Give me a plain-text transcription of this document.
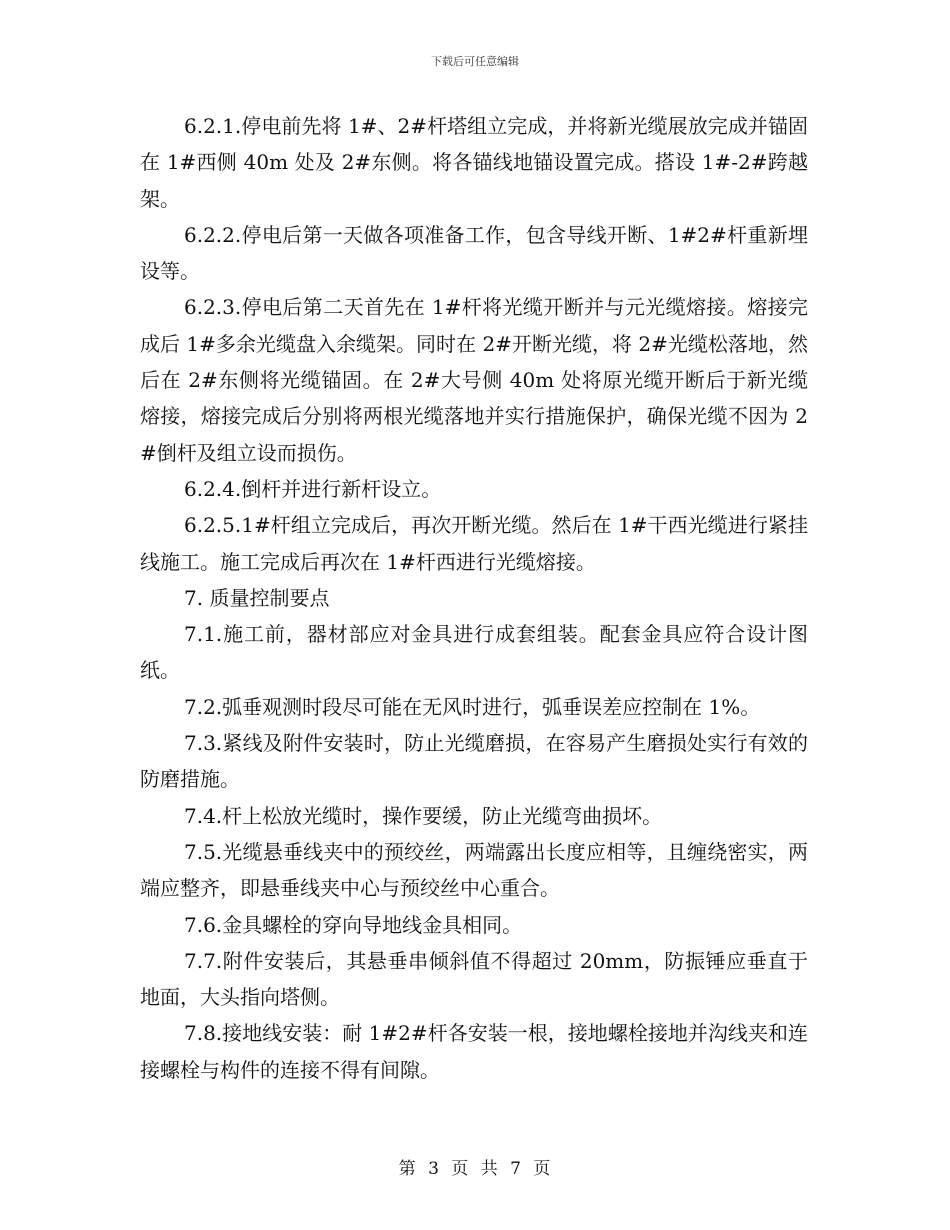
下载后可任意编辑

6.2.1.停电前先将 1#、2#杆塔组立完成，并将新光缆展放完成并锚固在 1#西侧 40m 处及 2#东侧。将各锚线地锚设置完成。搭设 1#-2#跨越架。

6.2.2.停电后第一天做各项准备工作，包含导线开断、1#2#杆重新埋设等。

6.2.3.停电后第二天首先在 1#杆将光缆开断并与元光缆熔接。熔接完成后 1#多余光缆盘入余缆架。同时在 2#开断光缆，将 2#光缆松落地，然后在 2#东侧将光缆锚固。在 2#大号侧 40m 处将原光缆开断后于新光缆熔接，熔接完成后分别将两根光缆落地并实行措施保护，确保光缆不因为 2#倒杆及组立设而损伤。

6.2.4.倒杆并进行新杆设立。

6.2.5.1#杆组立完成后，再次开断光缆。然后在 1#干西光缆进行紧挂线施工。施工完成后再次在 1#杆西进行光缆熔接。

7. 质量控制要点

7.1.施工前，器材部应对金具进行成套组装。配套金具应符合设计图纸。

7.2.弧垂观测时段尽可能在无风时进行，弧垂误差应控制在 1%。

7.3.紧线及附件安装时，防止光缆磨损，在容易产生磨损处实行有效的防磨措施。

7.4.杆上松放光缆时，操作要缓，防止光缆弯曲损坏。

7.5.光缆悬垂线夹中的预绞丝，两端露出长度应相等，且缠绕密实，两端应整齐，即悬垂线夹中心与预绞丝中心重合。

7.6.金具螺栓的穿向导地线金具相同。

7.7.附件安装后，其悬垂串倾斜值不得超过 20mm，防振锤应垂直于地面，大头指向塔侧。

7.8.接地线安装：耐 1#2#杆各安装一根，接地螺栓接地并沟线夹和连接螺栓与构件的连接不得有间隙。

第 3 页 共 7 页
